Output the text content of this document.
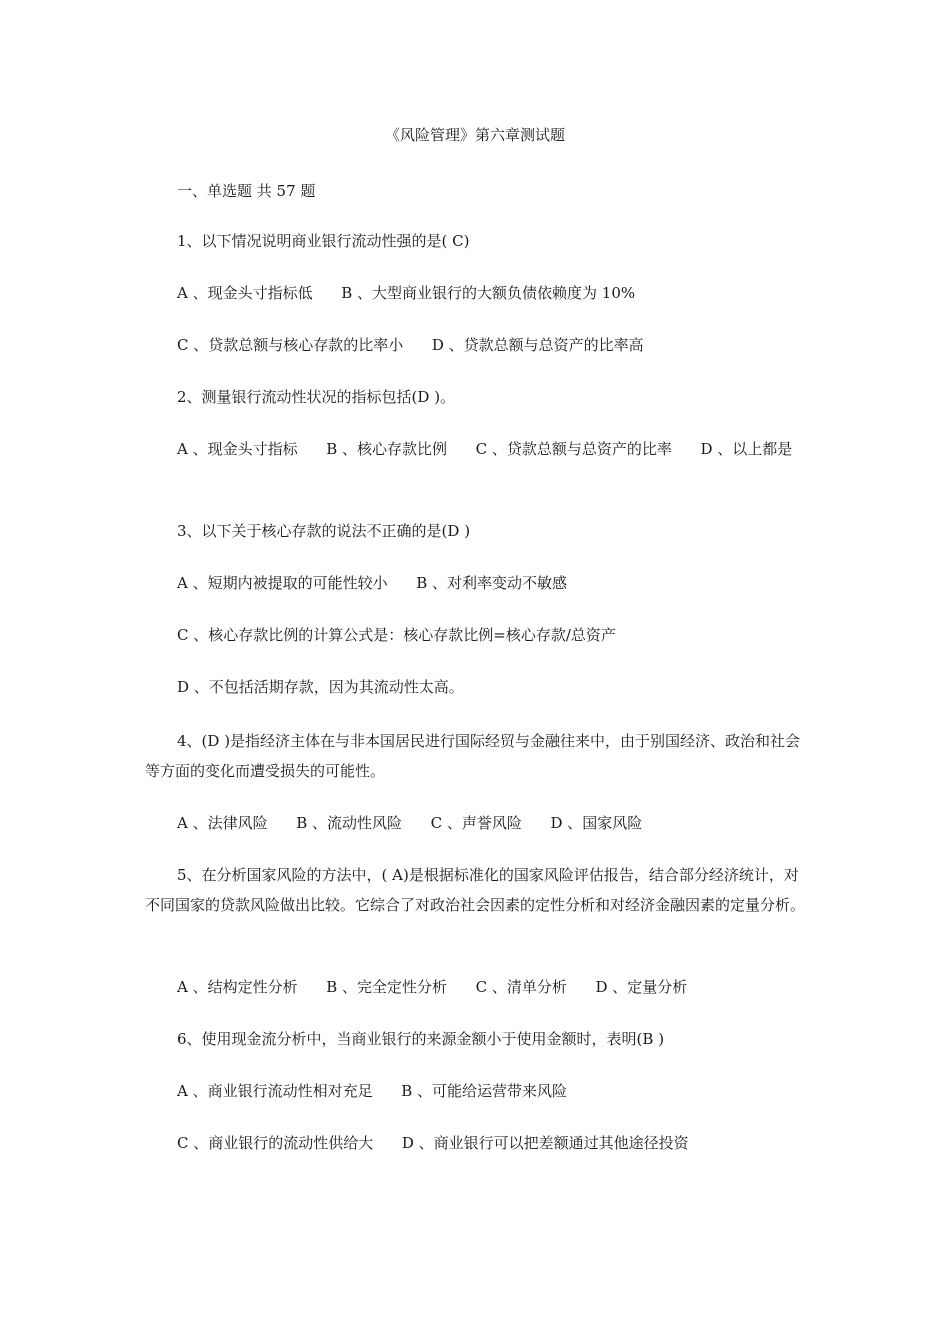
《风险管理》第六章测试题
一、单选题 共 57 题
1、以下情况说明商业银行流动性强的是( C)
A 、现金头寸指标低      B 、大型商业银行的大额负债依赖度为 10%
C 、贷款总额与核心存款的比率小      D 、贷款总额与总资产的比率高
2、测量银行流动性状况的指标包括(D )。
A 、现金头寸指标      B 、核心存款比例      C 、贷款总额与总资产的比率      D 、以上都是
3、以下关于核心存款的说法不正确的是(D )
A 、短期内被提取的可能性较小      B 、对利率变动不敏感
C 、核心存款比例的计算公式是：核心存款比例=核心存款/总资产
D 、不包括活期存款，因为其流动性太高。
4、(D )是指经济主体在与非本国居民进行国际经贸与金融往来中，由于别国经济、政治和社会等方面的变化而遭受损失的可能性。
A 、法律风险      B 、流动性风险      C 、声誉风险      D 、国家风险
5、在分析国家风险的方法中，( A)是根据标准化的国家风险评估报告，结合部分经济统计，对不同国家的贷款风险做出比较。它综合了对政治社会因素的定性分析和对经济金融因素的定量分析。
A 、结构定性分析      B 、完全定性分析      C 、清单分析      D 、定量分析
6、使用现金流分析中，当商业银行的来源金额小于使用金额时，表明(B )
A 、商业银行流动性相对充足      B 、可能给运营带来风险
C 、商业银行的流动性供给大      D 、商业银行可以把差额通过其他途径投资
